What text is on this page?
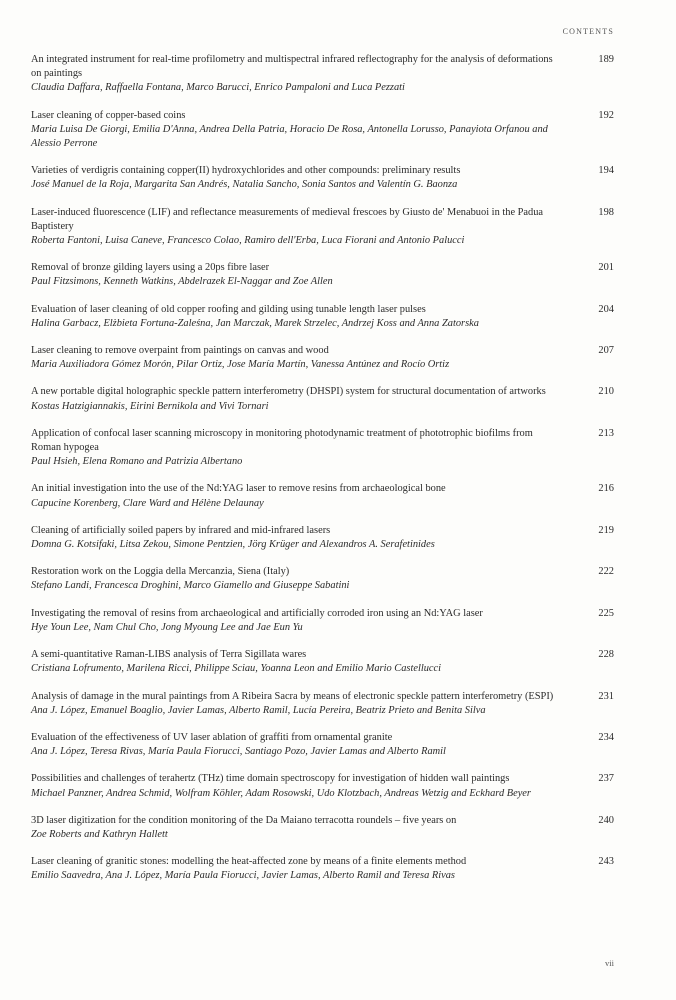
CONTENTS
An integrated instrument for real-time profilometry and multispectral infrared reflectography for the analysis of deformations on paintings
Claudia Daffara, Raffaella Fontana, Marco Barucci, Enrico Pampaloni and Luca Pezzati
189
Laser cleaning of copper-based coins
Maria Luisa De Giorgi, Emilia D'Anna, Andrea Della Patria, Horacio De Rosa, Antonella Lorusso, Panayiota Orfanou and Alessio Perrone
192
Varieties of verdigris containing copper(II) hydroxychlorides and other compounds: preliminary results
José Manuel de la Roja, Margarita San Andrés, Natalia Sancho, Sonia Santos and Valentín G. Baonza
194
Laser-induced fluorescence (LIF) and reflectance measurements of medieval frescoes by Giusto de' Menabuoi in the Padua Baptistery
Roberta Fantoni, Luisa Caneve, Francesco Colao, Ramiro dell'Erba, Luca Fiorani and Antonio Palucci
198
Removal of bronze gilding layers using a 20ps fibre laser
Paul Fitzsimons, Kenneth Watkins, Abdelrazek El-Naggar and Zoe Allen
201
Evaluation of laser cleaning of old copper roofing and gilding using tunable length laser pulses
Halina Garbacz, Elżbieta Fortuna-Zaleśna, Jan Marczak, Marek Strzelec, Andrzej Koss and Anna Zatorska
204
Laser cleaning to remove overpaint from paintings on canvas and wood
Maria Auxiliadora Gómez Morón, Pilar Ortiz, Jose María Martín, Vanessa Antúnez and Rocío Ortiz
207
A new portable digital holographic speckle pattern interferometry (DHSPI) system for structural documentation of artworks
Kostas Hatzigiannakis, Eirini Bernikola and Vivi Tornari
210
Application of confocal laser scanning microscopy in monitoring photodynamic treatment of phototrophic biofilms from Roman hypogea
Paul Hsieh, Elena Romano and Patrizia Albertano
213
An initial investigation into the use of the Nd:YAG laser to remove resins from archaeological bone
Capucine Korenberg, Clare Ward and Hélène Delaunay
216
Cleaning of artificially soiled papers by infrared and mid-infrared lasers
Domna G. Kotsifaki, Litsa Zekou, Simone Pentzien, Jörg Krüger and Alexandros A. Serafetinides
219
Restoration work on the Loggia della Mercanzia, Siena (Italy)
Stefano Landi, Francesca Droghini, Marco Giamello and Giuseppe Sabatini
222
Investigating the removal of resins from archaeological and artificially corroded iron using an Nd:YAG laser
Hye Youn Lee, Nam Chul Cho, Jong Myoung Lee and Jae Eun Yu
225
A semi-quantitative Raman-LIBS analysis of Terra Sigillata wares
Cristiana Lofrumento, Marilena Ricci, Philippe Sciau, Yoanna Leon and Emilio Mario Castellucci
228
Analysis of damage in the mural paintings from A Ribeira Sacra by means of electronic speckle pattern interferometry (ESPI)
Ana J. López, Emanuel Boaglio, Javier Lamas, Alberto Ramil, Lucía Pereira, Beatriz Prieto and Benita Silva
231
Evaluation of the effectiveness of UV laser ablation of graffiti from ornamental granite
Ana J. López, Teresa Rivas, María Paula Fiorucci, Santiago Pozo, Javier Lamas and Alberto Ramil
234
Possibilities and challenges of terahertz (THz) time domain spectroscopy for investigation of hidden wall paintings
Michael Panzner, Andrea Schmid, Wolfram Köhler, Adam Rosowski, Udo Klotzbach, Andreas Wetzig and Eckhard Beyer
237
3D laser digitization for the condition monitoring of the Da Maiano terracotta roundels – five years on
Zoe Roberts and Kathryn Hallett
240
Laser cleaning of granitic stones: modelling the heat-affected zone by means of a finite elements method
Emilio Saavedra, Ana J. López, María Paula Fiorucci, Javier Lamas, Alberto Ramil and Teresa Rivas
243
vii
